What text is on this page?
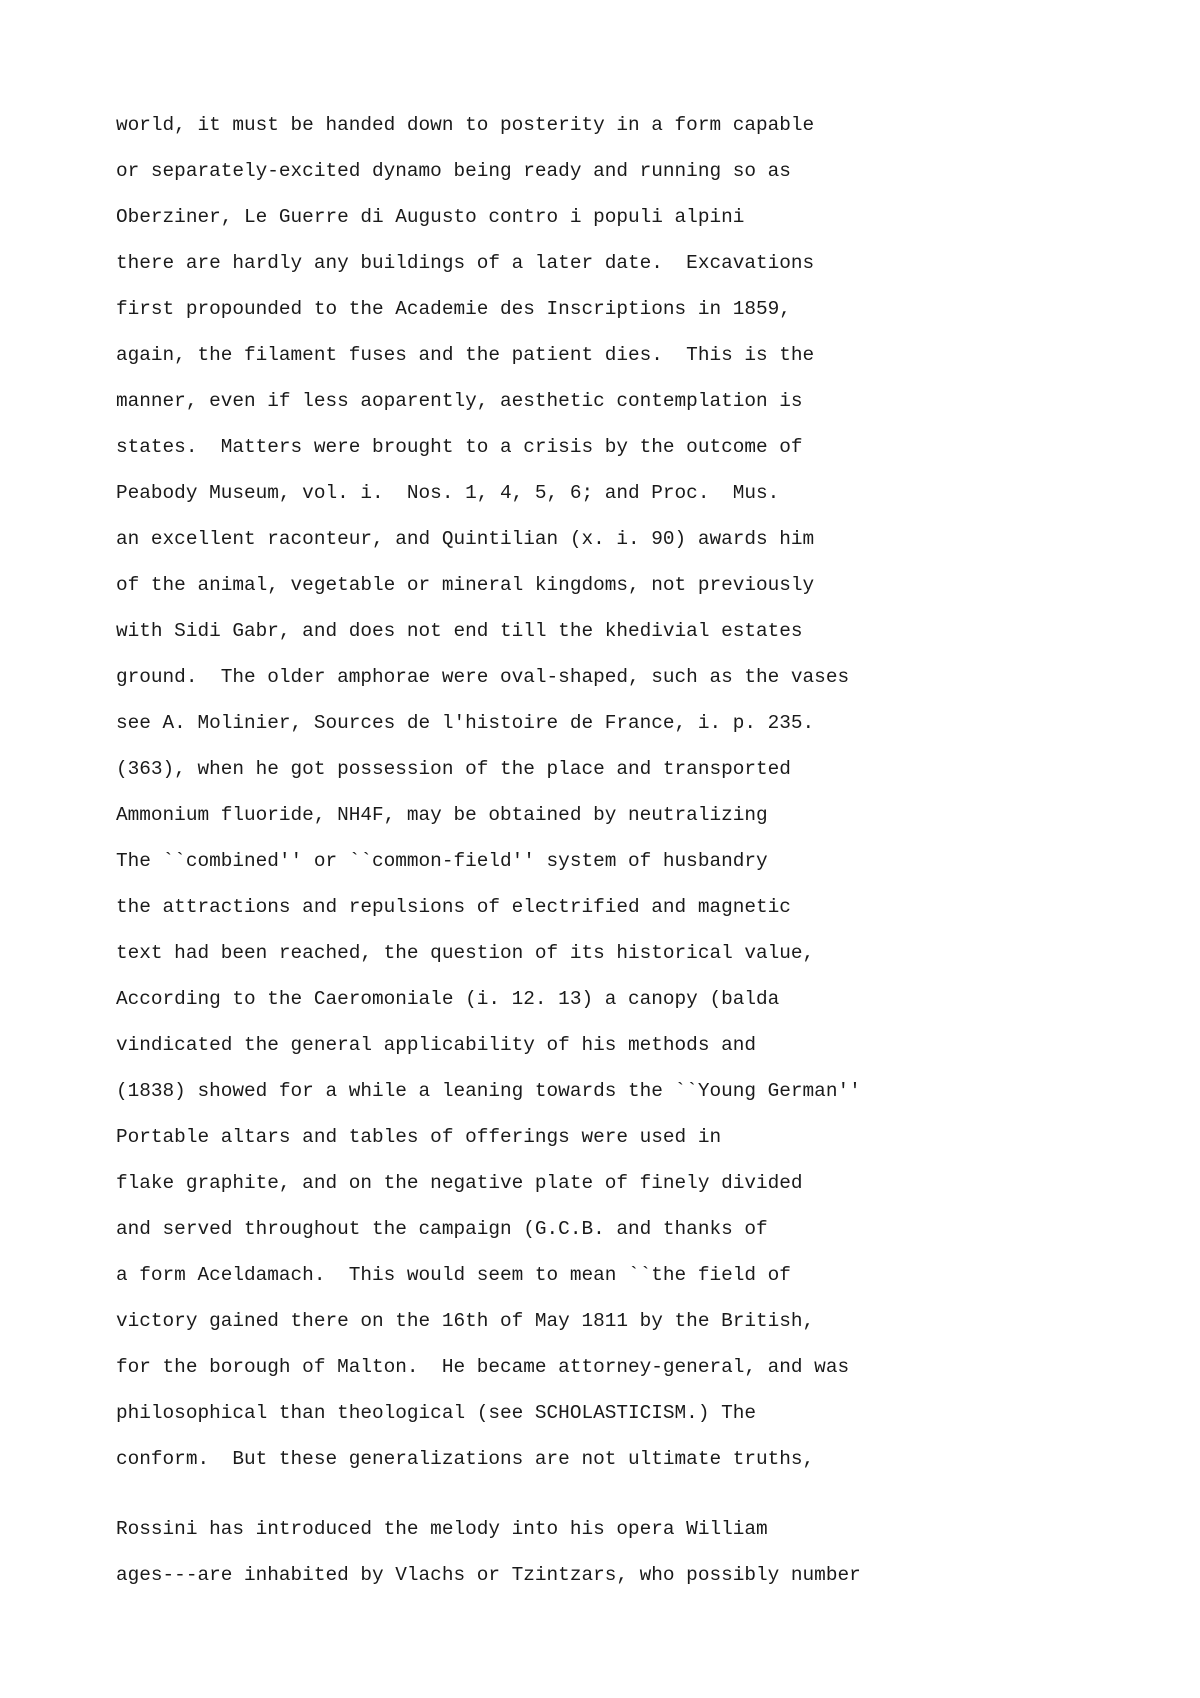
world, it must be handed down to posterity in a form capable
or separately-excited dynamo being ready and running so as
Oberziner, Le Guerre di Augusto contro i populi alpini
there are hardly any buildings of a later date.  Excavations
first propounded to the Academie des Inscriptions in 1859,
again, the filament fuses and the patient dies.  This is the
manner, even if less aoparently, aesthetic contemplation is
states.  Matters were brought to a crisis by the outcome of
Peabody Museum, vol. i.  Nos. 1, 4, 5, 6; and Proc.  Mus.
an excellent raconteur, and Quintilian (x. i. 90) awards him
of the animal, vegetable or mineral kingdoms, not previously
with Sidi Gabr, and does not end till the khedivial estates
ground.  The older amphorae were oval-shaped, such as the vases
see A. Molinier, Sources de l'histoire de France, i. p. 235.
(363), when he got possession of the place and transported
Ammonium fluoride, NH4F, may be obtained by neutralizing
The ``combined'' or ``common-field'' system of husbandry
the attractions and repulsions of electrified and magnetic
text had been reached, the question of its historical value,
According to the Caeromoniale (i. 12. 13) a canopy (balda
vindicated the general applicability of his methods and
(1838) showed for a while a leaning towards the ``Young German''
Portable altars and tables of offerings were used in
flake graphite, and on the negative plate of finely divided
and served throughout the campaign (G.C.B. and thanks of
a form Aceldamach.  This would seem to mean ``the field of
victory gained there on the 16th of May 1811 by the British,
for the borough of Malton.  He became attorney-general, and was
philosophical than theological (see SCHOLASTICISM.) The
conform.  But these generalizations are not ultimate truths,
Rossini has introduced the melody into his opera William
ages---are inhabited by Vlachs or Tzintzars, who possibly number
